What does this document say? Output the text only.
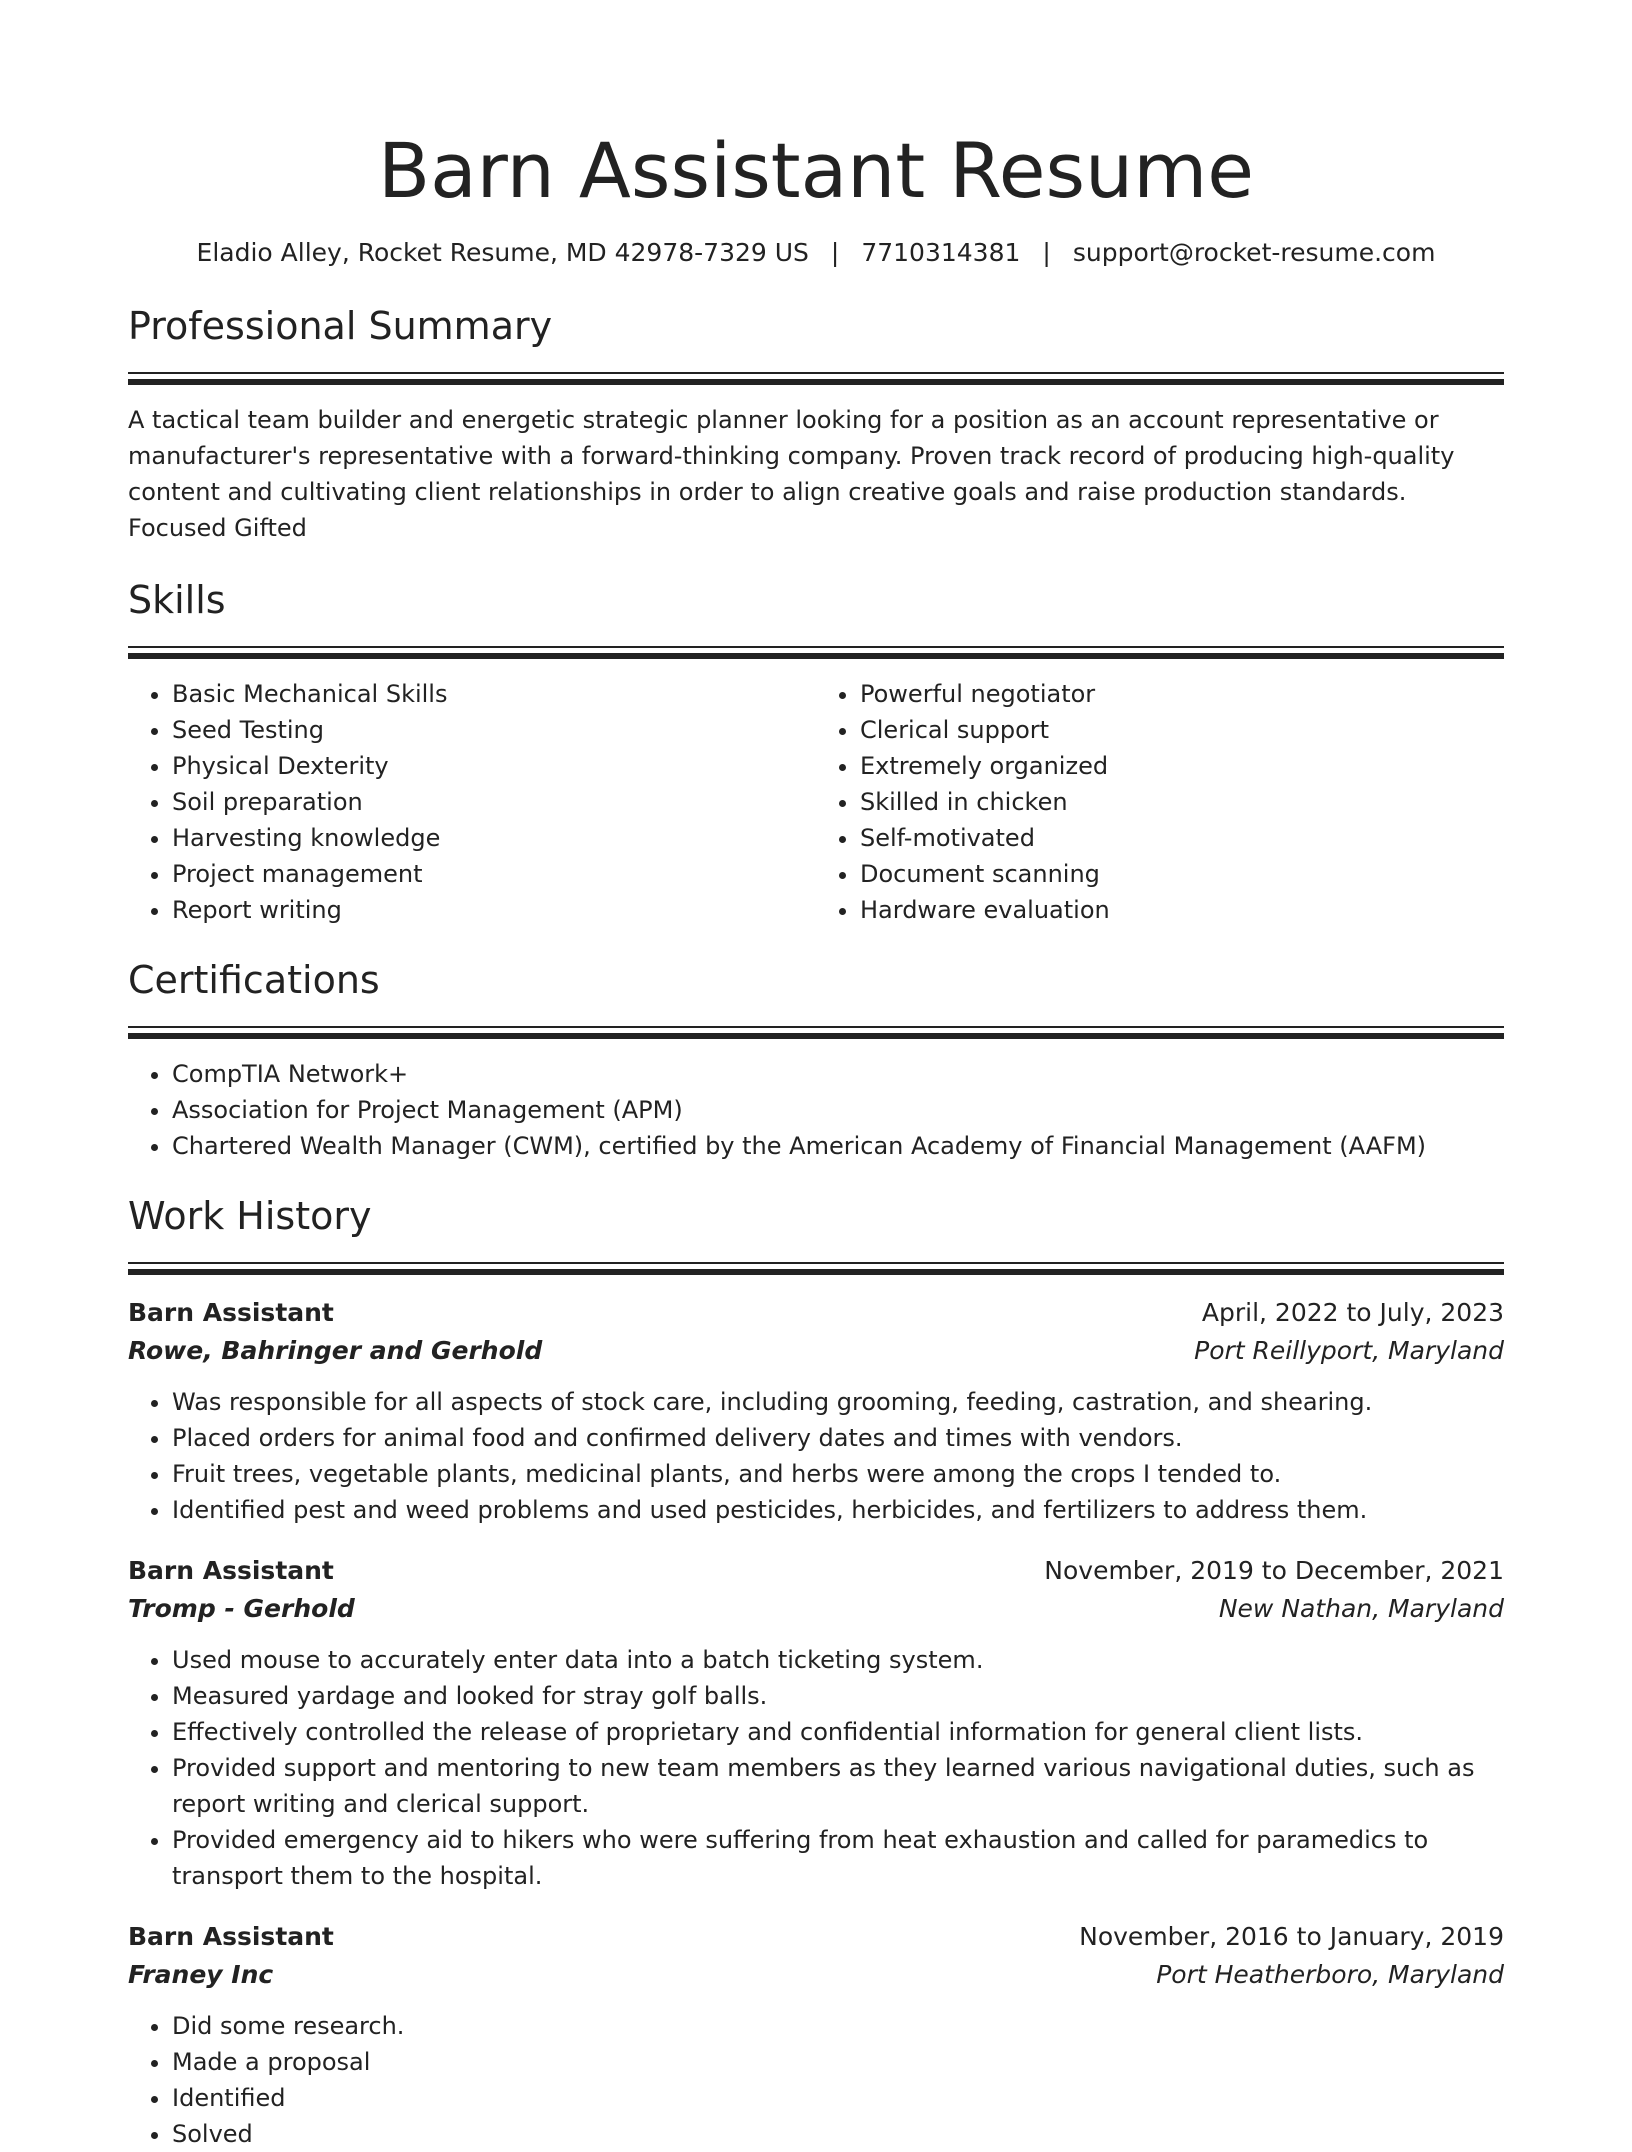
Barn Assistant Resume
Eladio Alley, Rocket Resume, MD 42978-7329 US | 7710314381 | support@rocket-resume.com
Professional Summary
A tactical team builder and energetic strategic planner looking for a position as an account representative or manufacturer's representative with a forward-thinking company. Proven track record of producing high-quality content and cultivating client relationships in order to align creative goals and raise production standards. Focused Gifted
Skills
• Basic Mechanical Skills
• Seed Testing
• Physical Dexterity
• Soil preparation
• Harvesting knowledge
• Project management
• Report writing
• Powerful negotiator
• Clerical support
• Extremely organized
• Skilled in chicken
• Self-motivated
• Document scanning
• Hardware evaluation
Certifications
• CompTIA Network+
• Association for Project Management (APM)
• Chartered Wealth Manager (CWM), certified by the American Academy of Financial Management (AAFM)
Work History
Barn Assistant	April, 2022 to July, 2023
Rowe, Bahringer and Gerhold	Port Reillyport, Maryland
• Was responsible for all aspects of stock care, including grooming, feeding, castration, and shearing.
• Placed orders for animal food and confirmed delivery dates and times with vendors.
• Fruit trees, vegetable plants, medicinal plants, and herbs were among the crops I tended to.
• Identified pest and weed problems and used pesticides, herbicides, and fertilizers to address them.
Barn Assistant	November, 2019 to December, 2021
Tromp - Gerhold	New Nathan, Maryland
• Used mouse to accurately enter data into a batch ticketing system.
• Measured yardage and looked for stray golf balls.
• Effectively controlled the release of proprietary and confidential information for general client lists.
• Provided support and mentoring to new team members as they learned various navigational duties, such as report writing and clerical support.
• Provided emergency aid to hikers who were suffering from heat exhaustion and called for paramedics to transport them to the hospital.
Barn Assistant	November, 2016 to January, 2019
Franey Inc	Port Heatherboro, Maryland
• Did some research.
• Made a proposal
• Identified
• Solved
